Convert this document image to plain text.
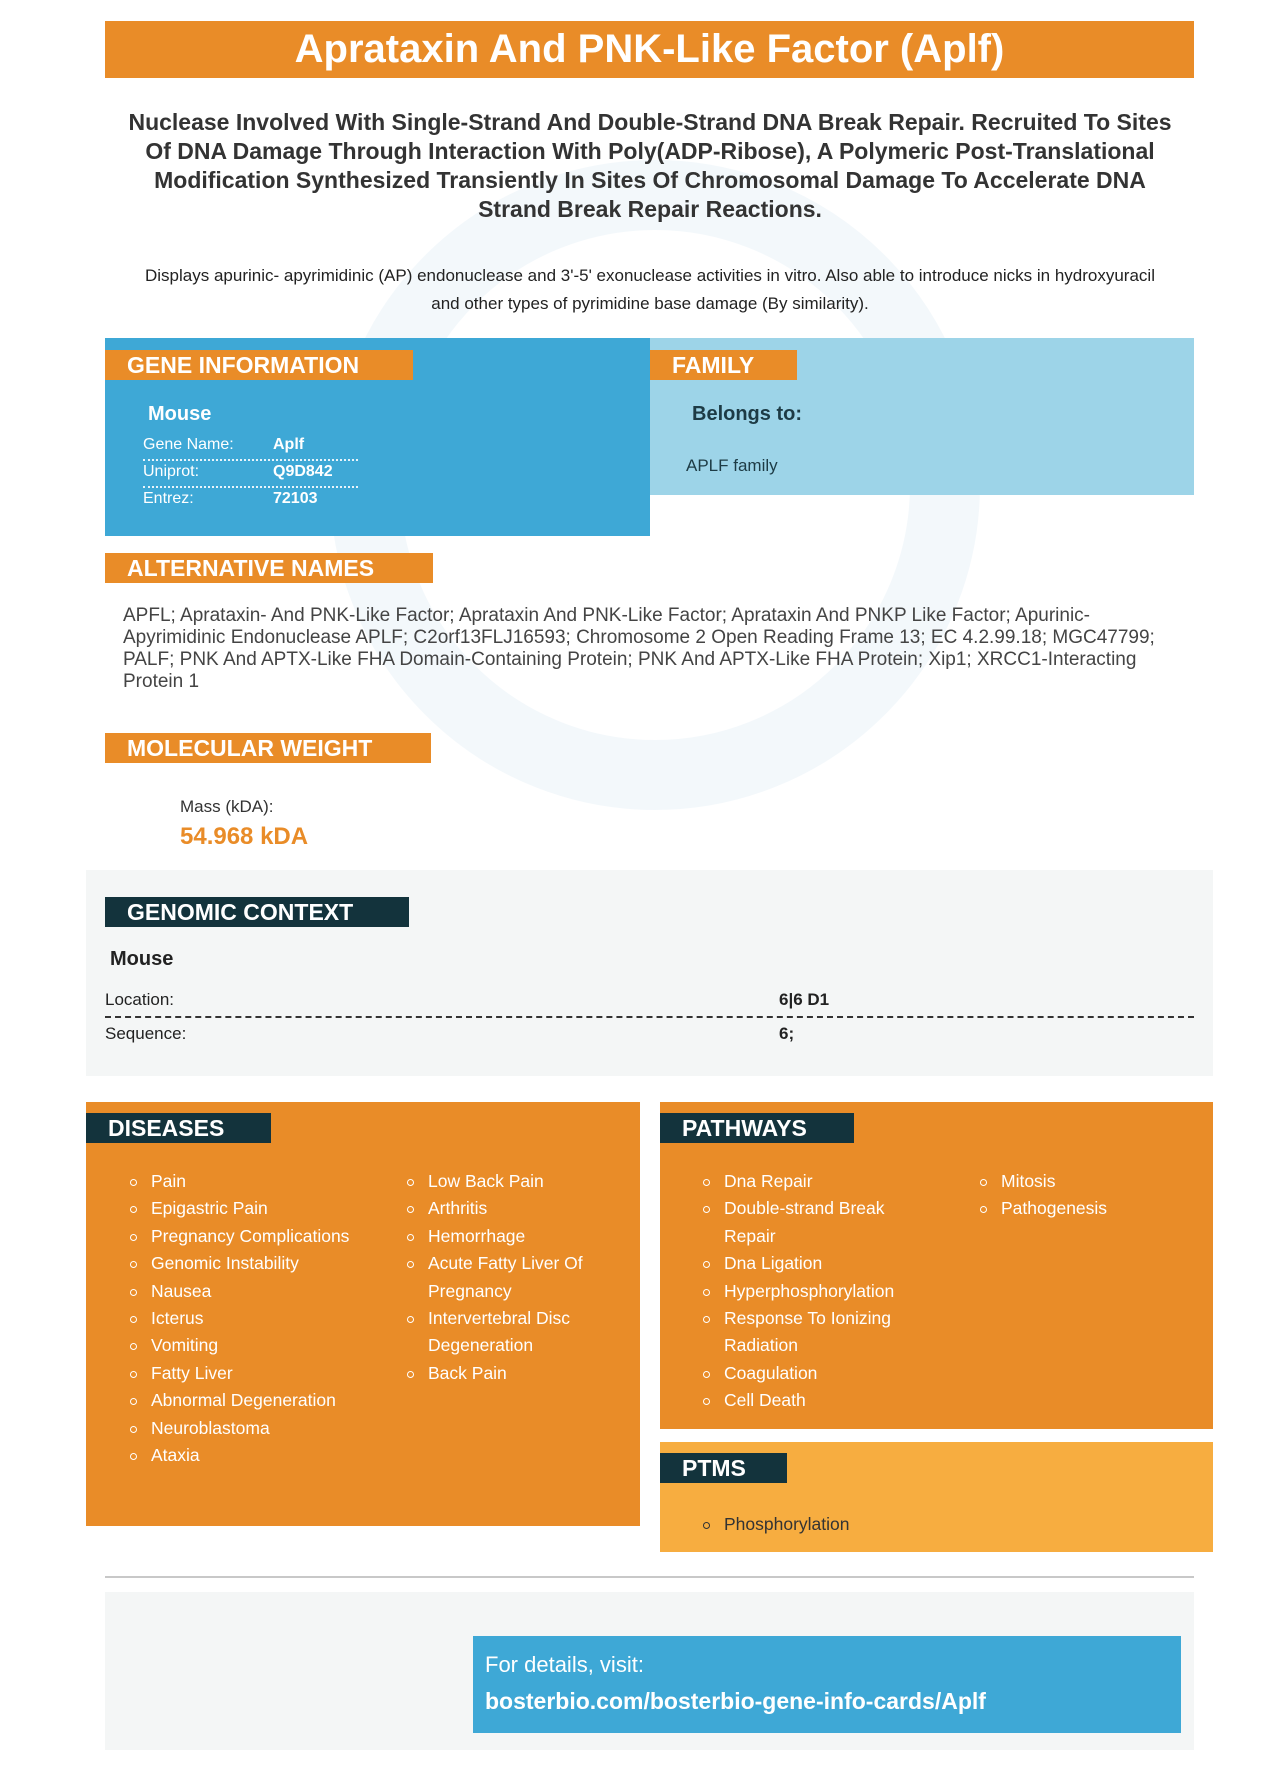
Aprataxin And PNK-Like Factor (Aplf)
Nuclease Involved With Single-Strand And Double-Strand DNA Break Repair. Recruited To Sites Of DNA Damage Through Interaction With Poly(ADP-Ribose), A Polymeric Post-Translational Modification Synthesized Transiently In Sites Of Chromosomal Damage To Accelerate DNA Strand Break Repair Reactions.
Displays apurinic- apyrimidinic (AP) endonuclease and 3'-5' exonuclease activities in vitro. Also able to introduce nicks in hydroxyuracil and other types of pyrimidine base damage (By similarity).
GENE INFORMATION
Mouse
Gene Name: Aplf
Uniprot:	Q9D842
Entrez:	72103
FAMILY
Belongs to:
APLF family
ALTERNATIVE NAMES
APFL; Aprataxin- And PNK-Like Factor; Aprataxin And PNK-Like Factor; Aprataxin And PNKP Like Factor; Apurinic-Apyrimidinic Endonuclease APLF; C2orf13FLJ16593; Chromosome 2 Open Reading Frame 13; EC 4.2.99.18; MGC47799; PALF; PNK And APTX-Like FHA Domain-Containing Protein; PNK And APTX-Like FHA Protein; Xip1; XRCC1-Interacting Protein 1
MOLECULAR WEIGHT
Mass (kDA):
54.968 kDA
GENOMIC CONTEXT
Mouse
Location:	6|6 D1
Sequence:	6;
DISEASES
Pain
Epigastric Pain
Pregnancy Complications
Genomic Instability
Nausea
Icterus
Vomiting
Fatty Liver
Abnormal Degeneration
Neuroblastoma
Ataxia
Low Back Pain
Arthritis
Hemorrhage
Acute Fatty Liver Of Pregnancy
Intervertebral Disc Degeneration
Back Pain
PATHWAYS
Dna Repair
Double-strand Break Repair
Dna Ligation
Hyperphosphorylation
Response To Ionizing Radiation
Coagulation
Cell Death
Mitosis
Pathogenesis
PTMS
Phosphorylation
For details, visit:
bosterbio.com/bosterbio-gene-info-cards/Aplf
